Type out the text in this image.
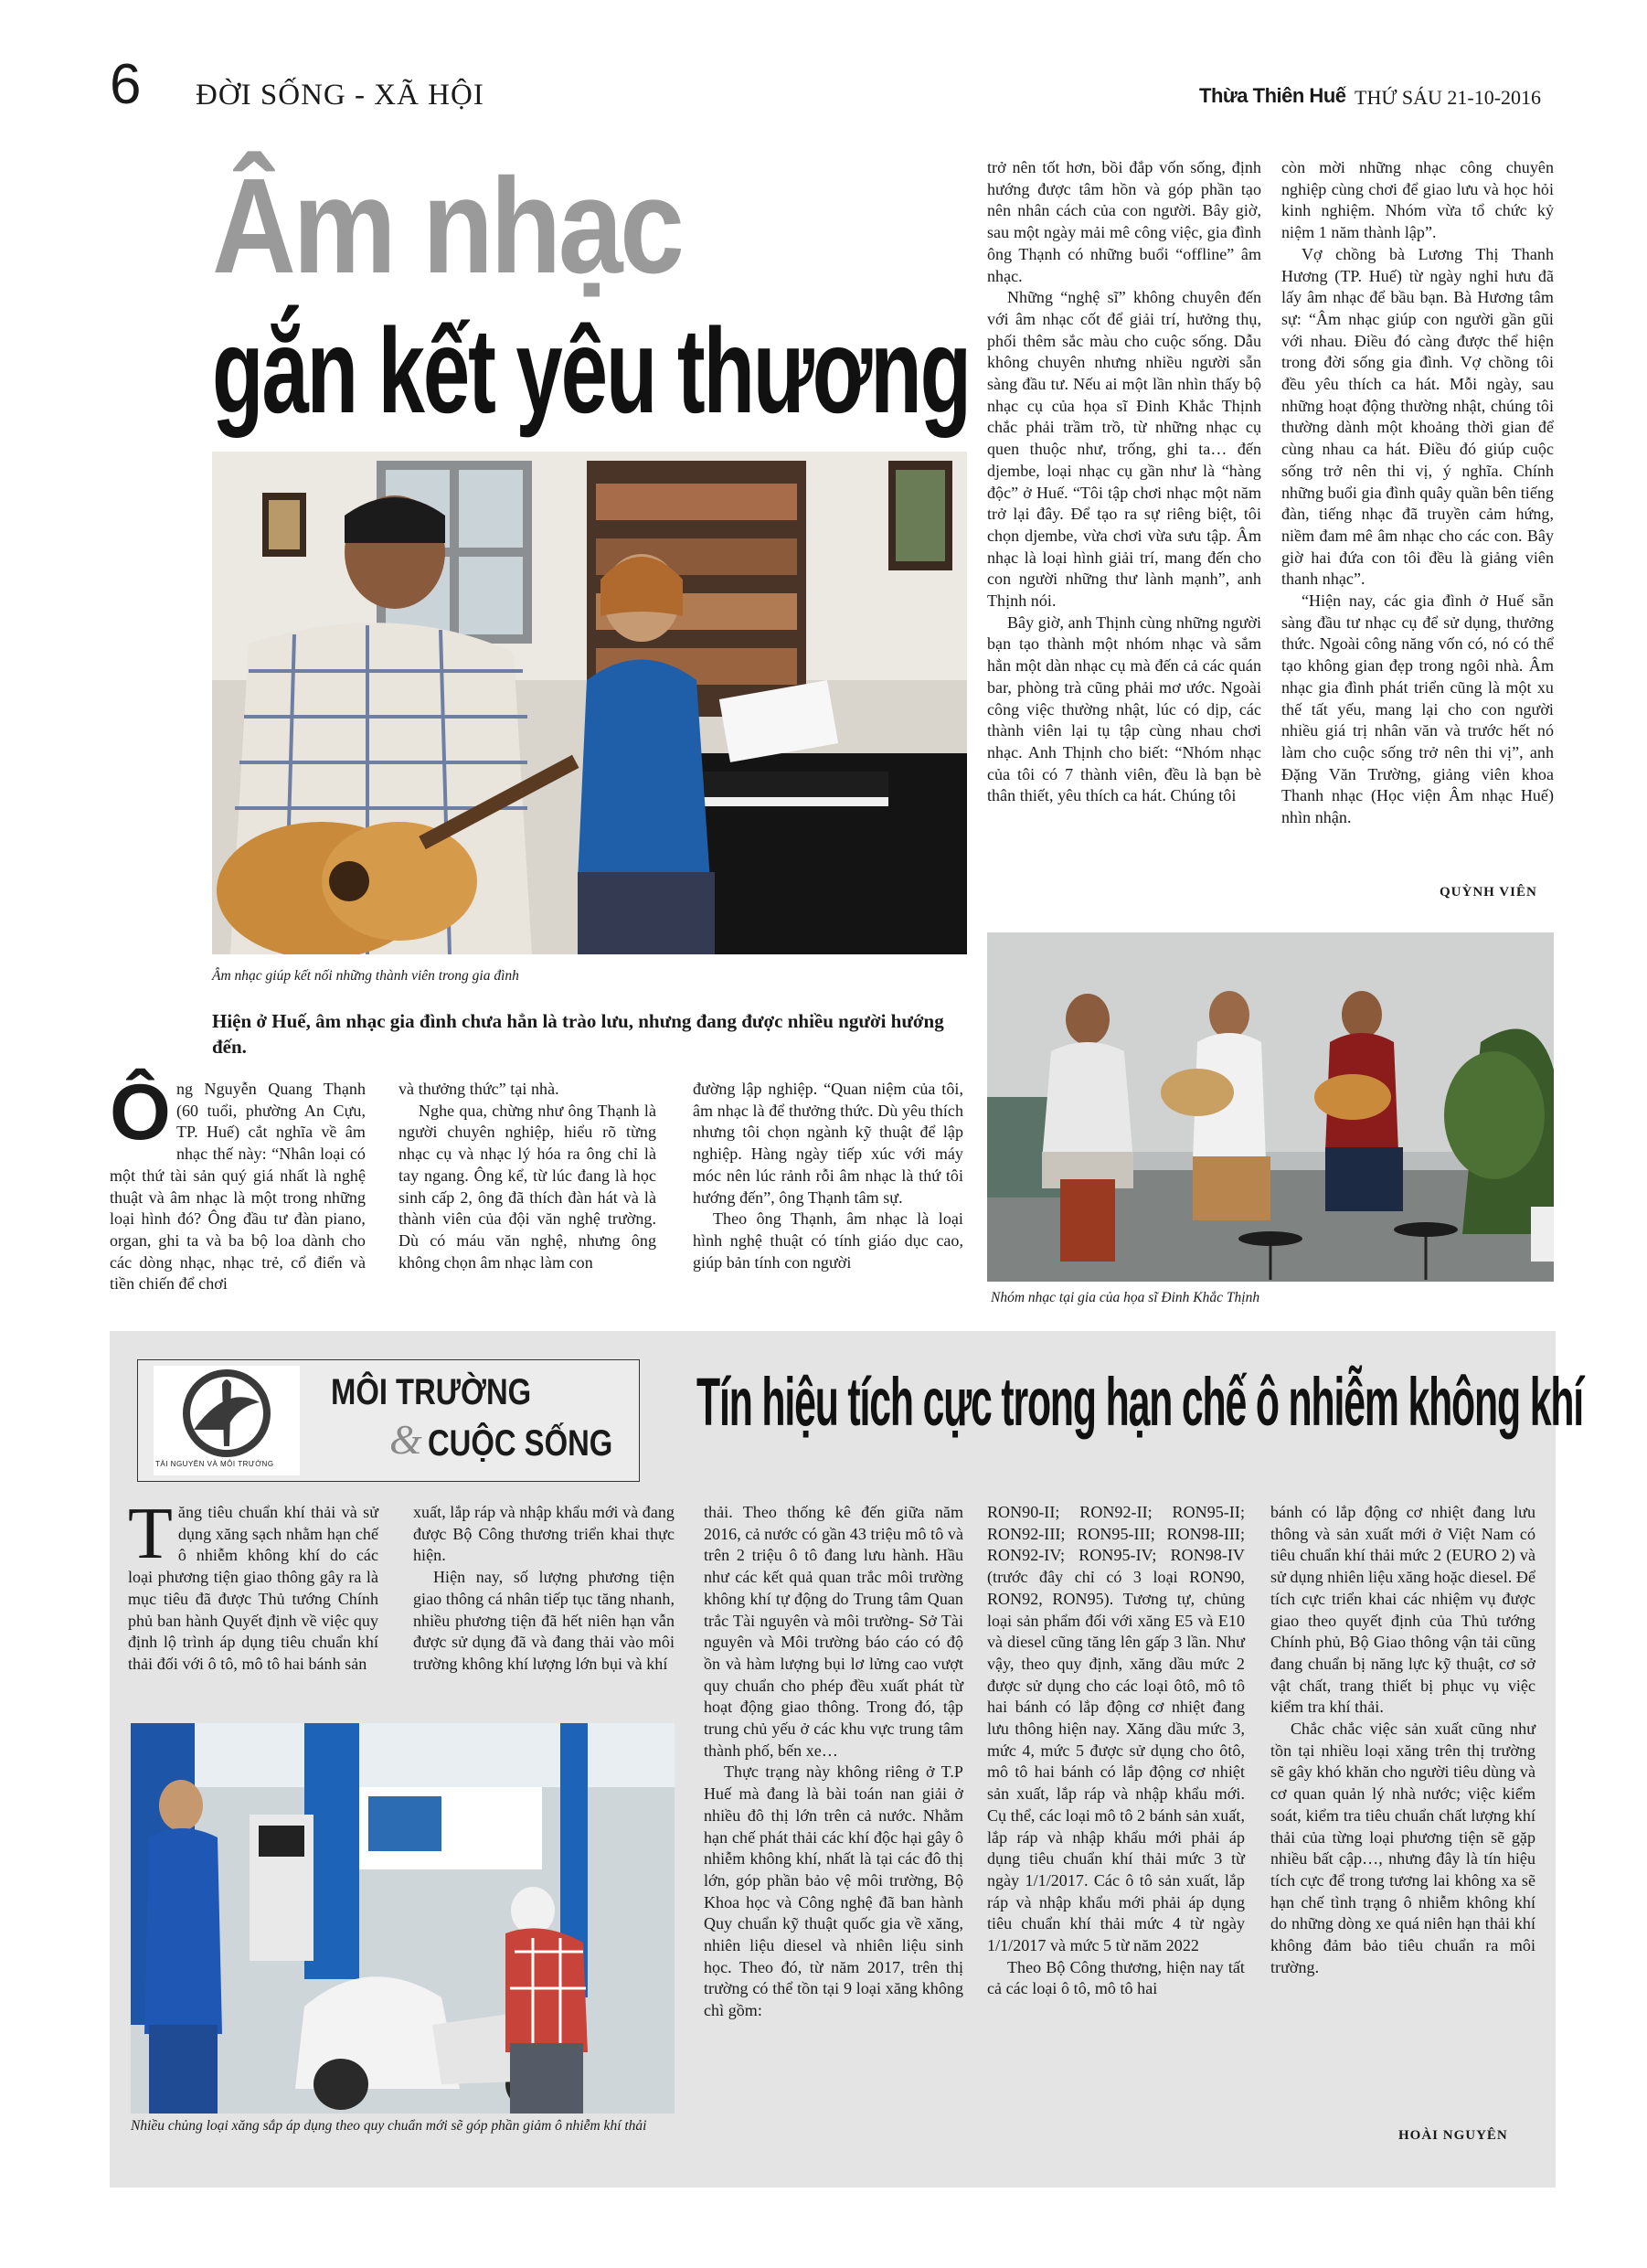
6 ĐỜI SỐNG - XÃ HỘI	Thừa Thiên Huế THỨ SÁU 21-10-2016
Âm nhạc
gắn kết yêu thương
Âm nhạc giúp kết nối những thành viên trong gia đình
Hiện ở Huế, âm nhạc gia đình chưa hẳn là trào lưu, nhưng đang được nhiều người hướng đến.
Ông Nguyễn Quang Thạnh (60 tuổi, phường An Cựu, TP. Huế) cắt nghĩa về âm nhạc thế này: “Nhân loại có một thứ tài sản quý giá nhất là nghệ thuật và âm nhạc là một trong những loại hình đó? Ông đầu tư đàn piano, organ, ghi ta và ba bộ loa dành cho các dòng nhạc, nhạc trẻ, cổ điển và tiền chiến để chơi
và thưởng thức” tại nhà.
Nghe qua, chừng như ông Thạnh là người chuyên nghiệp, hiểu rõ từng nhạc cụ và nhạc lý hóa ra ông chỉ là tay ngang. Ông kể, từ lúc đang là học sinh cấp 2, ông đã thích đàn hát và là thành viên của đội văn nghệ trường. Dù có máu văn nghệ, nhưng ông không chọn âm nhạc làm con
đường lập nghiệp. “Quan niệm của tôi, âm nhạc là để thưởng thức. Dù yêu thích nhưng tôi chọn ngành kỹ thuật để lập nghiệp. Hàng ngày tiếp xúc với máy móc nên lúc rảnh rỗi âm nhạc là thứ tôi hướng đến”, ông Thạnh tâm sự.
Theo ông Thạnh, âm nhạc là loại hình nghệ thuật có tính giáo dục cao, giúp bản tính con người
trở nên tốt hơn, bồi đắp vốn sống, định hướng được tâm hồn và góp phần tạo nên nhân cách của con người. Bây giờ, sau một ngày mải mê công việc, gia đình ông Thạnh có những buổi “offline” âm nhạc.
Những “nghệ sĩ” không chuyên đến với âm nhạc cốt để giải trí, hưởng thụ, phối thêm sắc màu cho cuộc sống. Dẫu không chuyên nhưng nhiều người sẵn sàng đầu tư. Nếu ai một lần nhìn thấy bộ nhạc cụ của họa sĩ Đinh Khắc Thịnh chắc phải trầm trồ, từ những nhạc cụ quen thuộc như, trống, ghi ta… đến djembe, loại nhạc cụ gần như là “hàng độc” ở Huế. “Tôi tập chơi nhạc một năm trở lại đây. Để tạo ra sự riêng biệt, tôi chọn djembe, vừa chơi vừa sưu tập. Âm nhạc là loại hình giải trí, mang đến cho con người những thư lành mạnh”, anh Thịnh nói.
Bây giờ, anh Thịnh cùng những người bạn tạo thành một nhóm nhạc và sắm hẳn một dàn nhạc cụ mà đến cả các quán bar, phòng trà cũng phải mơ ước. Ngoài công việc thường nhật, lúc có dịp, các thành viên lại tụ tập cùng nhau chơi nhạc. Anh Thịnh cho biết: “Nhóm nhạc của tôi có 7 thành viên, đều là bạn bè thân thiết, yêu thích ca hát. Chúng tôi
còn mời những nhạc công chuyên nghiệp cùng chơi để giao lưu và học hỏi kinh nghiệm. Nhóm vừa tổ chức kỷ niệm 1 năm thành lập”.
Vợ chồng bà Lương Thị Thanh Hương (TP. Huế) từ ngày nghỉ hưu đã lấy âm nhạc để bầu bạn. Bà Hương tâm sự: “Âm nhạc giúp con người gần gũi với nhau. Điều đó càng được thể hiện trong đời sống gia đình. Vợ chồng tôi đều yêu thích ca hát. Mỗi ngày, sau những hoạt động thường nhật, chúng tôi thường dành một khoảng thời gian để cùng nhau ca hát. Điều đó giúp cuộc sống trở nên thi vị, ý nghĩa. Chính những buổi gia đình quây quần bên tiếng đàn, tiếng nhạc đã truyền cảm hứng, niềm đam mê âm nhạc cho các con. Bây giờ hai đứa con tôi đều là giảng viên thanh nhạc”.
“Hiện nay, các gia đình ở Huế sẵn sàng đầu tư nhạc cụ để sử dụng, thưởng thức. Ngoài công năng vốn có, nó có thể tạo không gian đẹp trong ngôi nhà. Âm nhạc gia đình phát triển cũng là một xu thế tất yếu, mang lại cho con người nhiều giá trị nhân văn và trước hết nó làm cho cuộc sống trở nên thi vị”, anh Đặng Văn Trường, giảng viên khoa Thanh nhạc (Học viện Âm nhạc Huế) nhìn nhận.
QUỲNH VIÊN
Nhóm nhạc tại gia của họa sĩ Đinh Khắc Thịnh
TÀI NGUYÊN VÀ MÔI TRƯỜNG
MÔI TRƯỜNG
& CUỘC SỐNG
Tín hiệu tích cực trong hạn chế ô nhiễm không khí
Tăng tiêu chuẩn khí thải và sử dụng xăng sạch nhằm hạn chế ô nhiễm không khí do các loại phương tiện giao thông gây ra là mục tiêu đã được Thủ tướng Chính phủ ban hành Quyết định về việc quy định lộ trình áp dụng tiêu chuẩn khí thải đối với ô tô, mô tô hai bánh sản
xuất, lắp ráp và nhập khẩu mới và đang được Bộ Công thương triển khai thực hiện.
Hiện nay, số lượng phương tiện giao thông cá nhân tiếp tục tăng nhanh, nhiều phương tiện đã hết niên hạn vẫn được sử dụng đã và đang thải vào môi trường không khí lượng lớn bụi và khí
Nhiều chủng loại xăng sắp áp dụng theo quy chuẩn mới sẽ góp phần giảm ô nhiễm khí thải
thải. Theo thống kê đến giữa năm 2016, cả nước có gần 43 triệu mô tô và trên 2 triệu ô tô đang lưu hành. Hầu như các kết quả quan trắc môi trường không khí tự động do Trung tâm Quan trắc Tài nguyên và môi trường- Sở Tài nguyên và Môi trường báo cáo có độ ồn và hàm lượng bụi lơ lửng cao vượt quy chuẩn cho phép đều xuất phát từ hoạt động giao thông. Trong đó, tập trung chủ yếu ở các khu vực trung tâm thành phố, bến xe…
Thực trạng này không riêng ở T.P Huế mà đang là bài toán nan giải ở nhiều đô thị lớn trên cả nước. Nhằm hạn chế phát thải các khí độc hại gây ô nhiễm không khí, nhất là tại các đô thị lớn, góp phần bảo vệ môi trường, Bộ Khoa học và Công nghệ đã ban hành Quy chuẩn kỹ thuật quốc gia về xăng, nhiên liệu diesel và nhiên liệu sinh học. Theo đó, từ năm 2017, trên thị trường có thể tồn tại 9 loại xăng không chì gồm:
RON90-II; RON92-II; RON95-II; RON92-III; RON95-III; RON98-III; RON92-IV; RON95-IV; RON98-IV (trước đây chỉ có 3 loại RON90, RON92, RON95). Tương tự, chủng loại sản phẩm đối với xăng E5 và E10 và diesel cũng tăng lên gấp 3 lần. Như vậy, theo quy định, xăng dầu mức 2 được sử dụng cho các loại ôtô, mô tô hai bánh có lắp động cơ nhiệt đang lưu thông hiện nay. Xăng dầu mức 3, mức 4, mức 5 được sử dụng cho ôtô, mô tô hai bánh có lắp động cơ nhiệt sản xuất, lắp ráp và nhập khẩu mới. Cụ thể, các loại mô tô 2 bánh sản xuất, lắp ráp và nhập khẩu mới phải áp dụng tiêu chuẩn khí thải mức 3 từ ngày 1/1/2017. Các ô tô sản xuất, lắp ráp và nhập khẩu mới phải áp dụng tiêu chuẩn khí thải mức 4 từ ngày 1/1/2017 và mức 5 từ năm 2022
Theo Bộ Công thương, hiện nay tất cả các loại ô tô, mô tô hai
bánh có lắp động cơ nhiệt đang lưu thông và sản xuất mới ở Việt Nam có tiêu chuẩn khí thải mức 2 (EURO 2) và sử dụng nhiên liệu xăng hoặc diesel. Để tích cực triển khai các nhiệm vụ được giao theo quyết định của Thủ tướng Chính phủ, Bộ Giao thông vận tải cũng đang chuẩn bị năng lực kỹ thuật, cơ sở vật chất, trang thiết bị phục vụ việc kiểm tra khí thải.
Chắc chắc việc sản xuất cũng như tồn tại nhiều loại xăng trên thị trường sẽ gây khó khăn cho người tiêu dùng và cơ quan quản lý nhà nước; việc kiểm soát, kiểm tra tiêu chuẩn chất lượng khí thải của từng loại phương tiện sẽ gặp nhiều bất cập…, nhưng đây là tín hiệu tích cực để trong tương lai không xa sẽ hạn chế tình trạng ô nhiễm không khí do những dòng xe quá niên hạn thải khí không đảm bảo tiêu chuẩn ra môi trường.
HOÀI NGUYÊN
